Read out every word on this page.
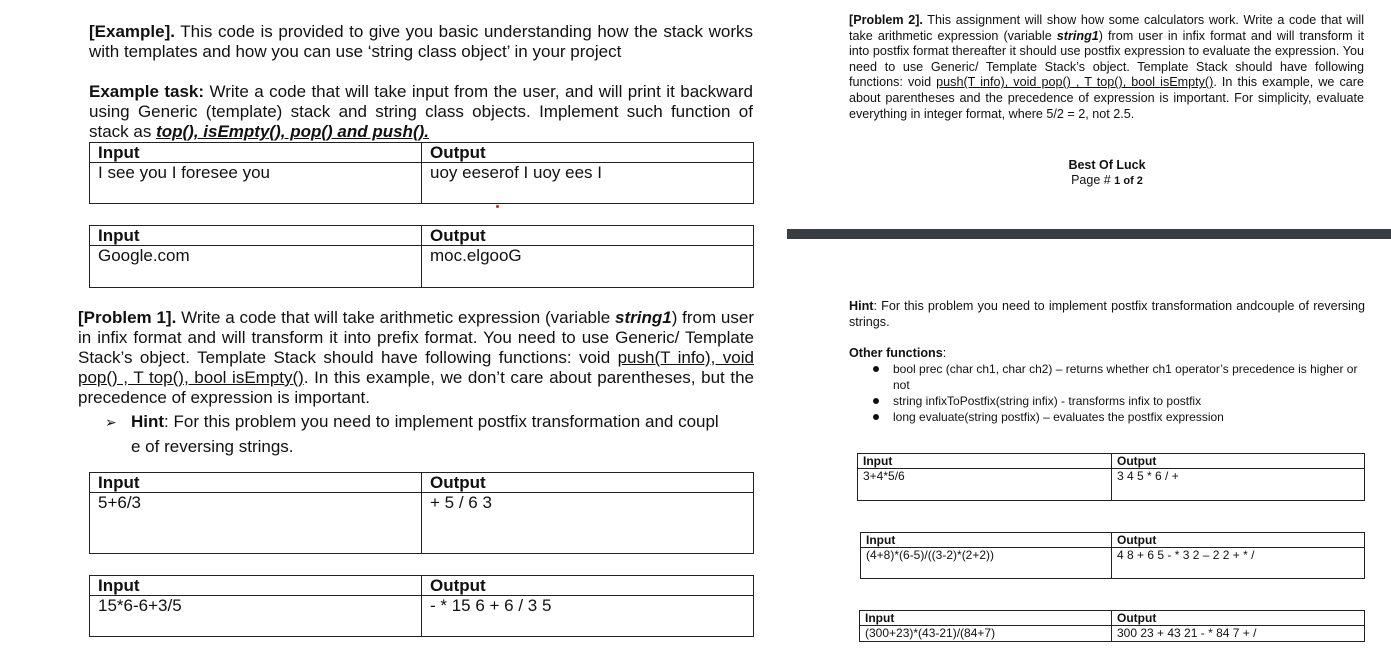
[Example]. This code is provided to give you basic understanding how the stack works with templates and how you can use ‘string class object’ in your project
Example task: Write a code that will take input from the user, and will print it backward using Generic (template) stack and string class objects. Implement such function of stack as top(), isEmpty(), pop() and push().
Input	Output
I see you I foresee you	uoy eeserof I uoy ees I
Input	Output
Google.com	moc.elgooG
[Problem 1]. Write a code that will take arithmetic expression (variable string1) from user in infix format and will transform it into prefix format. You need to use Generic/ Template Stack’s object. Template Stack should have following functions: void push(T info), void pop() , T top(), bool isEmpty(). In this example, we don’t care about parentheses, but the precedence of expression is important.
➢ Hint: For this problem you need to implement postfix transformation and coupl
e of reversing strings.
Input	Output
5+6/3	+ 5 / 6 3
Input	Output
15*6-6+3/5	- * 15 6 + 6 / 3 5
[Problem 2]. This assignment will show how some calculators work. Write a code that will take arithmetic expression (variable string1) from user in infix format and will transform it into postfix format thereafter it should use postfix expression to evaluate the expression. You need to use Generic/ Template Stack’s object. Template Stack should have following functions: void push(T info), void pop() , T top(), bool isEmpty(). In this example, we care about parentheses and the precedence of expression is important. For simplicity, evaluate everything in integer format, where 5/2 = 2, not 2.5.
Best Of Luck
Page # 1 of 2
Hint: For this problem you need to implement postfix transformation andcouple of reversing strings.
Other functions:
bool prec (char ch1, char ch2) – returns whether ch1 operator’s precedence is higher or not
string infixToPostfix(string infix) - transforms infix to postfix
long evaluate(string postfix) – evaluates the postfix expression
Input	Output
3+4*5/6	3 4 5 * 6 / +
Input	Output
(4+8)*(6-5)/((3-2)*(2+2))	4 8 + 6 5 - * 3 2 – 2 2 + * /
Input	Output
(300+23)*(43-21)/(84+7)	300 23 + 43 21 - * 84 7 + /
